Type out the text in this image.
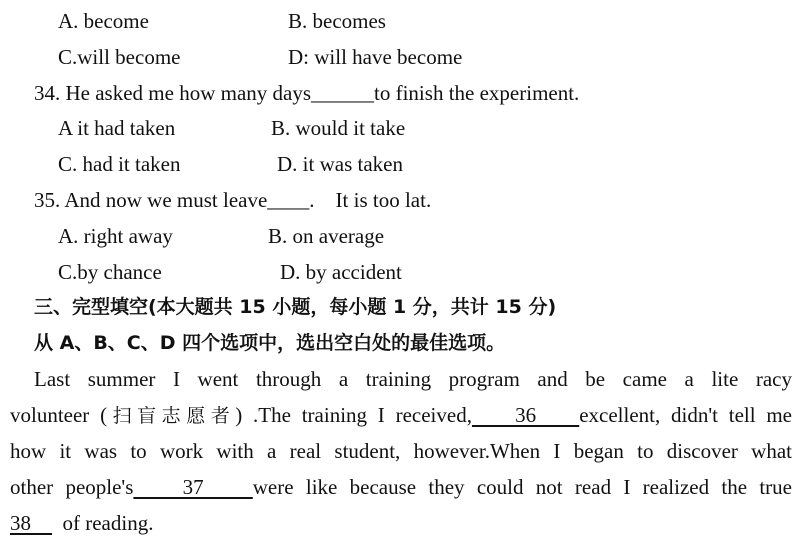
A. become	B. becomes
C.will become	D: will have become
34. He asked me how many days______to finish the experiment.
A it had taken	B. would it take
C. had it taken	D. it was taken
35. And now we must leave____.    It is too lat.
A. right away	B. on average
C.by chance	D. by accident
三、完型填空(本大题共 15 小题，每小题 1 分，共计 15 分)
从 A、B、C、D 四个选项中，选出空白处的最佳选项。
Last summer I went through a training program and be came a lite racy
volunteer (扫盲志愿者) .The training I received,    36    excellent, didn't tell me
how it was to work with a real student, however.When I began to discover what
other people's    37    were like because they could not read I realized the true
38      of reading.
